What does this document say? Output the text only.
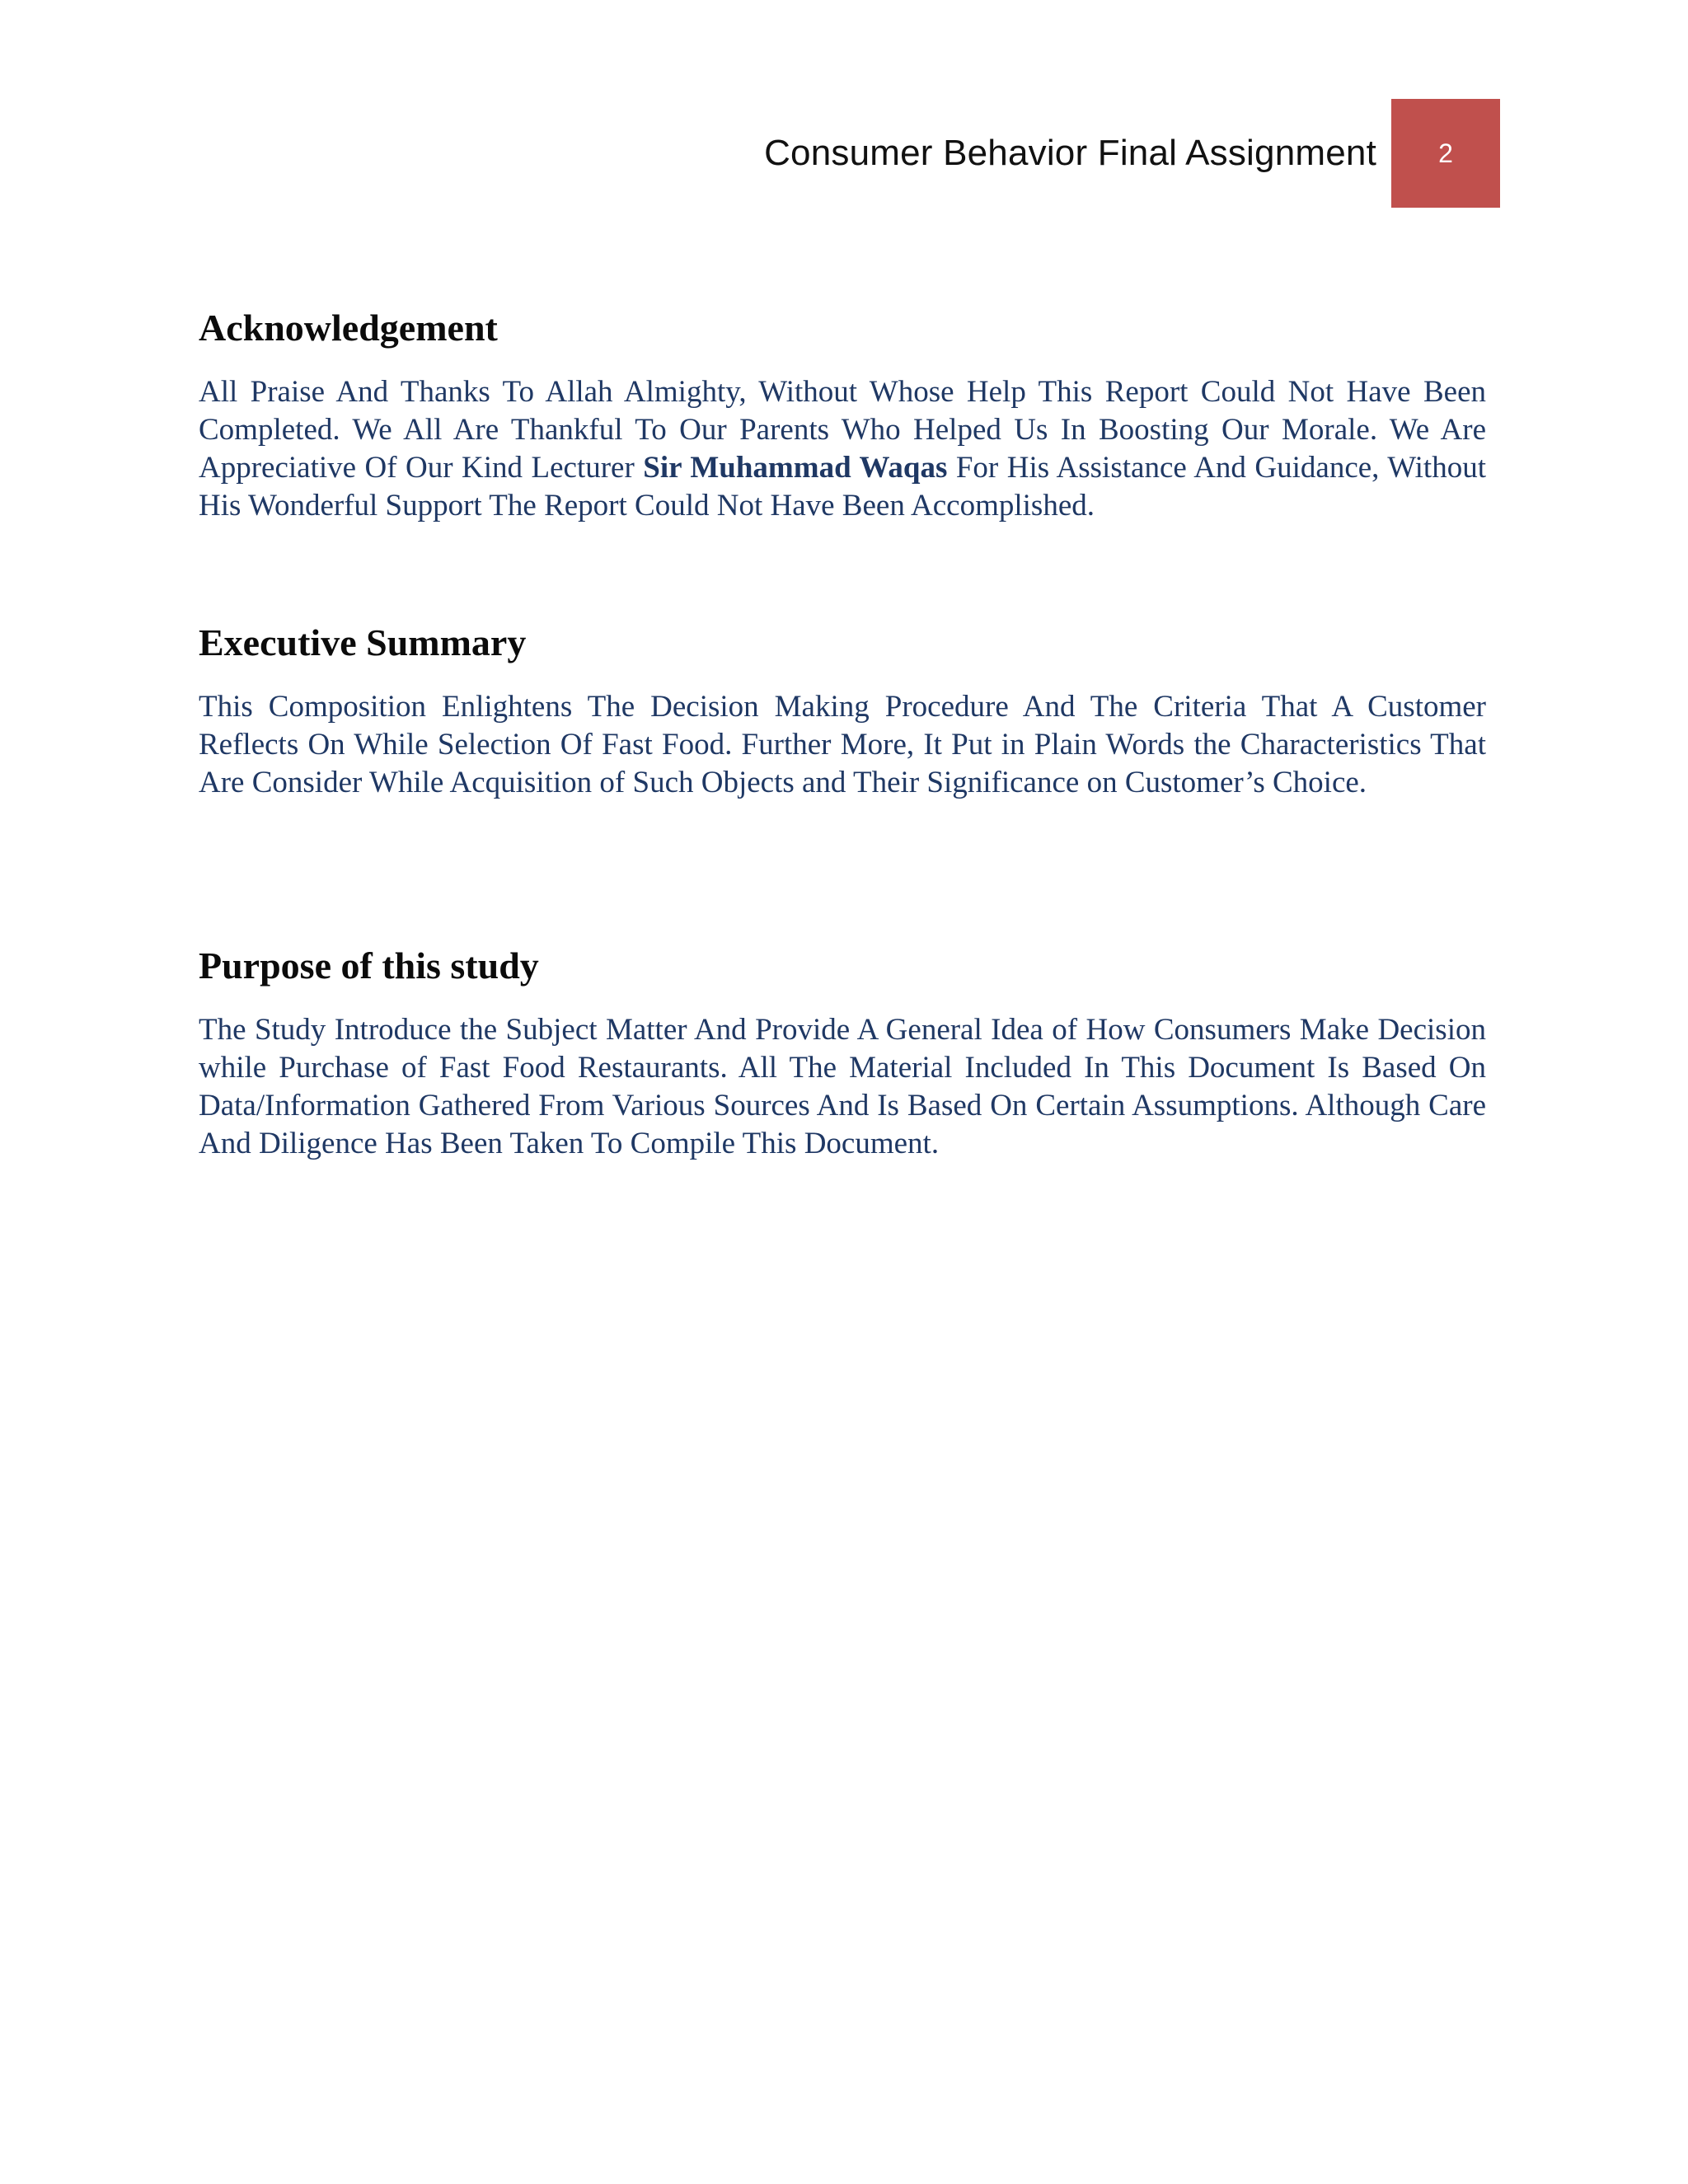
Consumer Behavior Final Assignment	2
Acknowledgement

All Praise And Thanks To Allah Almighty, Without Whose Help This Report Could Not Have Been Completed. We All Are Thankful To Our Parents Who Helped Us In Boosting Our Morale. We Are Appreciative Of Our Kind Lecturer Sir Muhammad Waqas For His Assistance And Guidance, Without His Wonderful Support The Report Could Not Have Been Accomplished.

Executive Summary

This Composition Enlightens The Decision Making Procedure And The Criteria That A Customer Reflects On While Selection Of Fast Food. Further More, It Put in Plain Words the Characteristics That Are Consider While Acquisition of Such Objects and Their Significance on Customer’s Choice.

Purpose of this study

The Study Introduce the Subject Matter And Provide A General Idea of How Consumers Make Decision while Purchase of Fast Food Restaurants. All The Material Included In This Document Is Based On Data/Information Gathered From Various Sources And Is Based On Certain Assumptions. Although Care And Diligence Has Been Taken To Compile This Document.
